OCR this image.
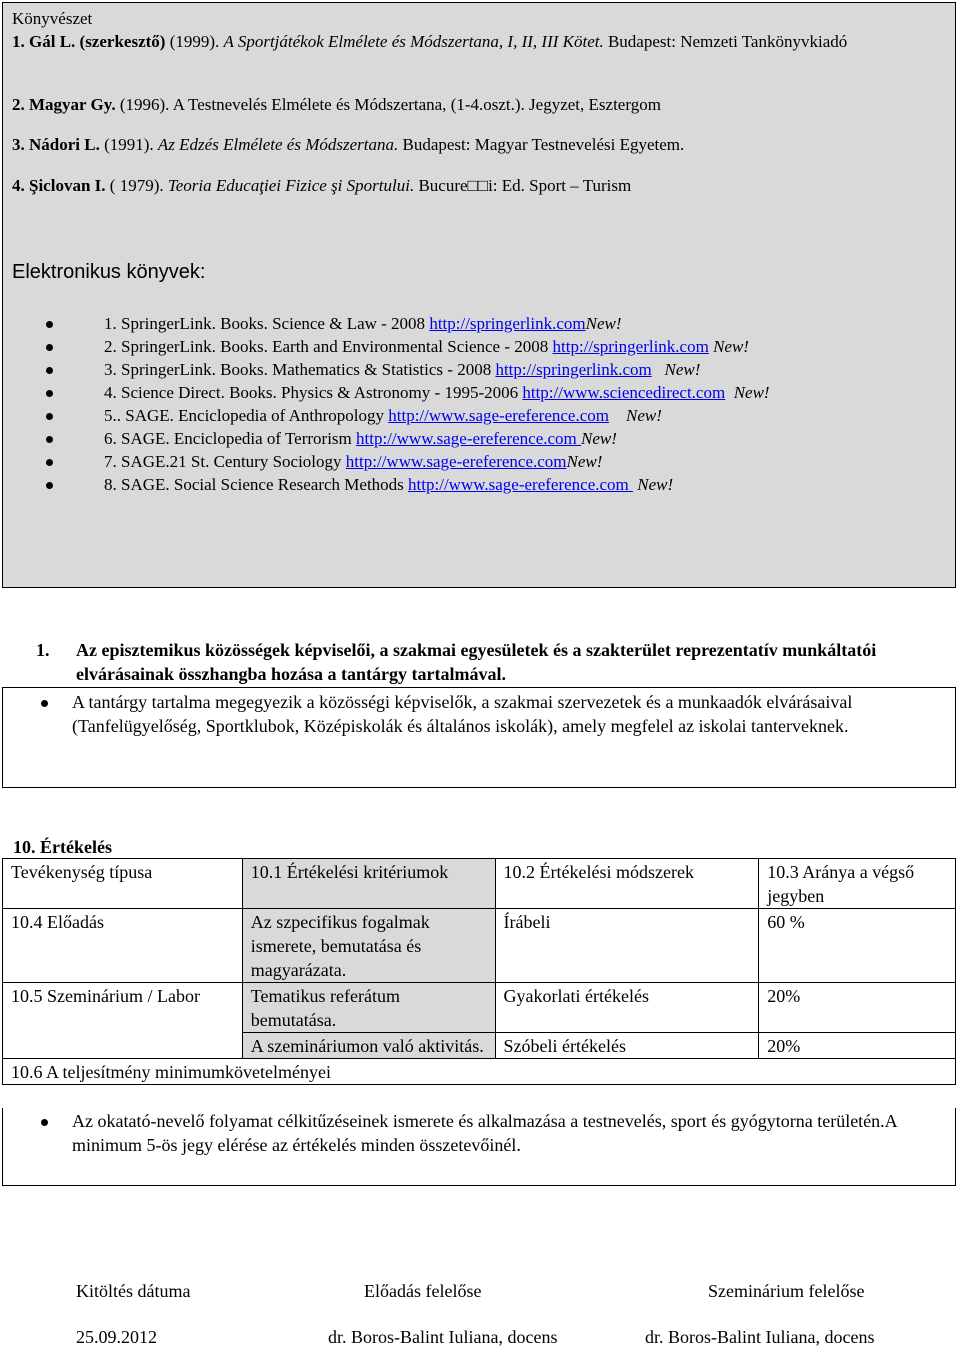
Könyvészet
1. Gál L. (szerkesztő) (1999). A Sportjátékok Elmélete és Módszertana, I, II, III Kötet. Budapest: Nemzeti Tankönyvkiadó
2. Magyar Gy. (1996). A Testnevelés Elmélete és Módszertana, (1-4.oszt.). Jegyzet, Esztergom
3. Nádori L. (1991). Az Edzés Elmélete és Módszertana. Budapest: Magyar Testnevelési Egyetem.
4. Şiclovan I. ( 1979). Teoria Educaţiei Fizice şi Sportului. Bucure□□i: Ed. Sport – Turism
Elektronikus könyvek:
1. SpringerLink. Books. Science & Law - 2008 http://springerlink.comNew!
2. SpringerLink. Books. Earth and Environmental Science - 2008 http://springerlink.com New!
3. SpringerLink. Books. Mathematics & Statistics - 2008 http://springerlink.com New!
4. Science Direct. Books. Physics & Astronomy - 1995-2006 http://www.sciencedirect.com New!
5.. SAGE. Enciclopedia of Anthropology http://www.sage-ereference.com New!
6. SAGE. Enciclopedia of Terrorism http://www.sage-ereference.com New!
7. SAGE.21 St. Century Sociology http://www.sage-ereference.comNew!
8. SAGE. Social Science Research Methods http://www.sage-ereference.com  New!
1.	Az episztemikus közösségek képviselői, a szakmai egyesületek és a szakterület reprezentatív munkáltatói elvárásainak összhangba hozása a tantárgy tartalmával.
A tantárgy tartalma megegyezik a közösségi képviselők, a szakmai szervezetek és a munkaadók elvárásaival (Tanfelügyelőség, Sportklubok, Középiskolák és általános iskolák), amely megfelel az iskolai tanterveknek.
10. Értékelés
Tevékenység típusa	10.1 Értékelési kritériumok	10.2 Értékelési módszerek	10.3 Aránya a végső jegyben
10.4 Előadás	Az szpecifikus fogalmak ismerete, bemutatása és magyarázata.	Írábeli	60 %
10.5 Szeminárium / Labor	Tematikus referátum bemutatása.	Gyakorlati értékelés	20%
	A szemináriumon való aktivitás.	Szóbeli értékelés	20%
10.6 A teljesítmény minimumkövetelményei			
Az okatató-nevelő folyamat célkitűzéseinek ismerete és alkalmazása a testnevelés, sport és gyógytorna területén.A minimum 5-ös jegy elérése az értékelés minden összetevőinél.
Kitöltés dátuma	Előadás felelőse	Szeminárium felelőse
25.09.2012	dr. Boros-Balint Iuliana, docens	dr. Boros-Balint Iuliana, docens
